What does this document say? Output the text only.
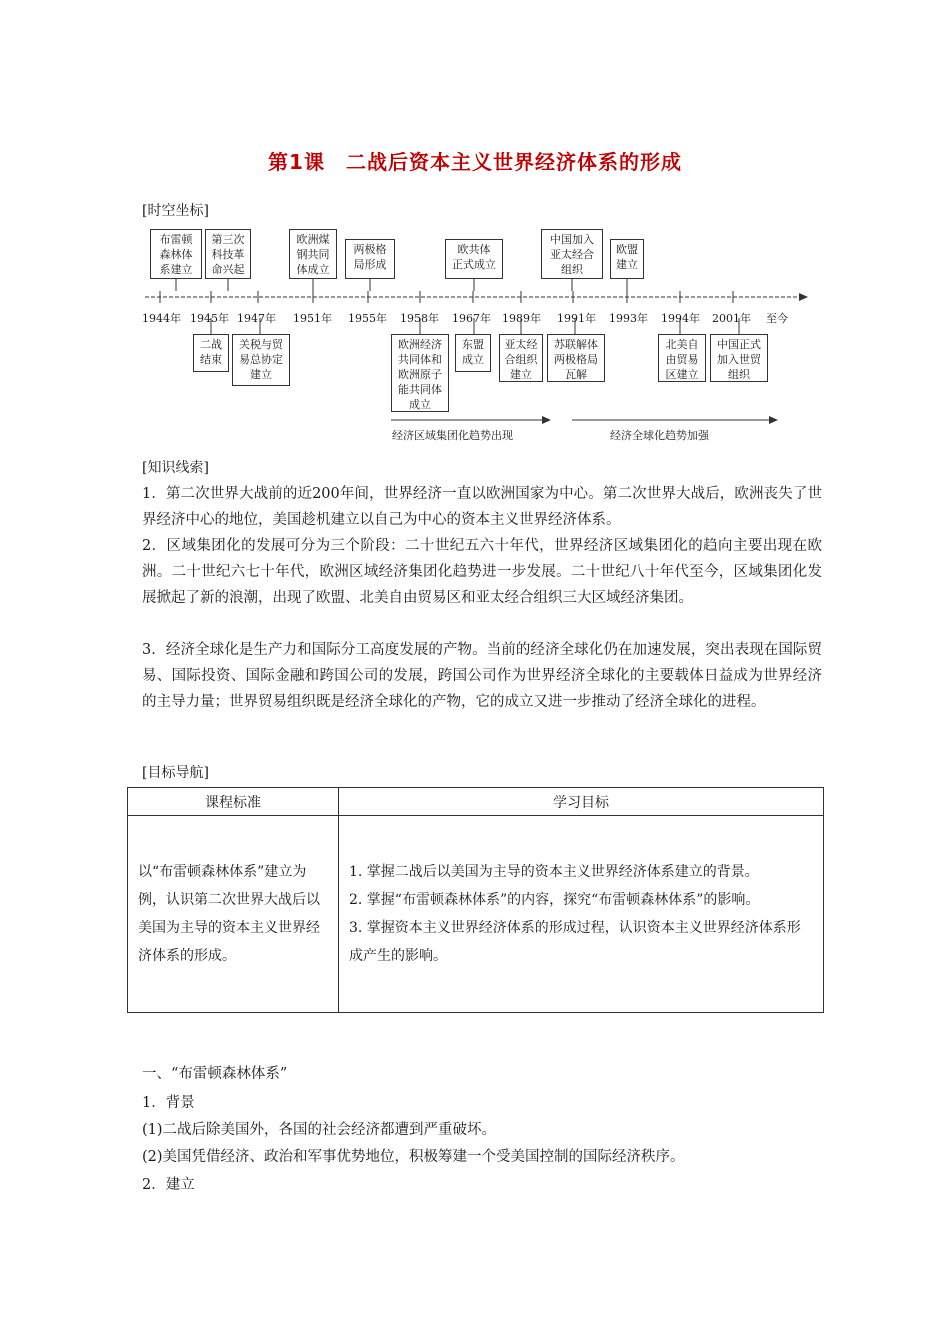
第1课　二战后资本主义世界经济体系的形成
[时空坐标]
布雷顿
森林体
系建立
第三次
科技革
命兴起
欧洲煤
钢共同
体成立
两极格
局形成
欧共体
正式成立
中国加入
亚太经合
组织
欧盟
建立
1944年 1945年 1947年 1951年 1955年 1958年 1967年 1989年 1991年 1993年 1994年 2001年 至今
二战
结束
关税与贸
易总协定
建立
欧洲经济
共同体和
欧洲原子
能共同体
成立
东盟
成立
亚太经
合组织
建立
苏联解体
两极格局
瓦解
北美自
由贸易
区建立
中国正式
加入世贸
组织
经济区域集团化趋势出现	经济全球化趋势加强
[知识线索]
1．第二次世界大战前的近200年间，世界经济一直以欧洲国家为中心。第二次世界大战后，欧洲丧失了世界经济中心的地位，美国趁机建立以自己为中心的资本主义世界经济体系。
2．区域集团化的发展可分为三个阶段：二十世纪五六十年代，世界经济区域集团化的趋向主要出现在欧洲。二十世纪六七十年代，欧洲区域经济集团化趋势进一步发展。二十世纪八十年代至今，区域集团化发展掀起了新的浪潮，出现了欧盟、北美自由贸易区和亚太经合组织三大区域经济集团。
3．经济全球化是生产力和国际分工高度发展的产物。当前的经济全球化仍在加速发展，突出表现在国际贸易、国际投资、国际金融和跨国公司的发展，跨国公司作为世界经济全球化的主要载体日益成为世界经济的主导力量；世界贸易组织既是经济全球化的产物，它的成立又进一步推动了经济全球化的进程。
[目标导航]
课程标准	学习目标
以“布雷顿森林体系”建立为例，认识第二次世界大战后以美国为主导的资本主义世界经济体系的形成。	1. 掌握二战后以美国为主导的资本主义世界经济体系建立的背景。
2. 掌握“布雷顿森林体系”的内容，探究“布雷顿森林体系”的影响。
3. 掌握资本主义世界经济体系的形成过程，认识资本主义世界经济体系形成产生的影响。
一、“布雷顿森林体系”
1．背景
(1)二战后除美国外，各国的社会经济都遭到严重破坏。
(2)美国凭借经济、政治和军事优势地位，积极筹建一个受美国控制的国际经济秩序。
2．建立
